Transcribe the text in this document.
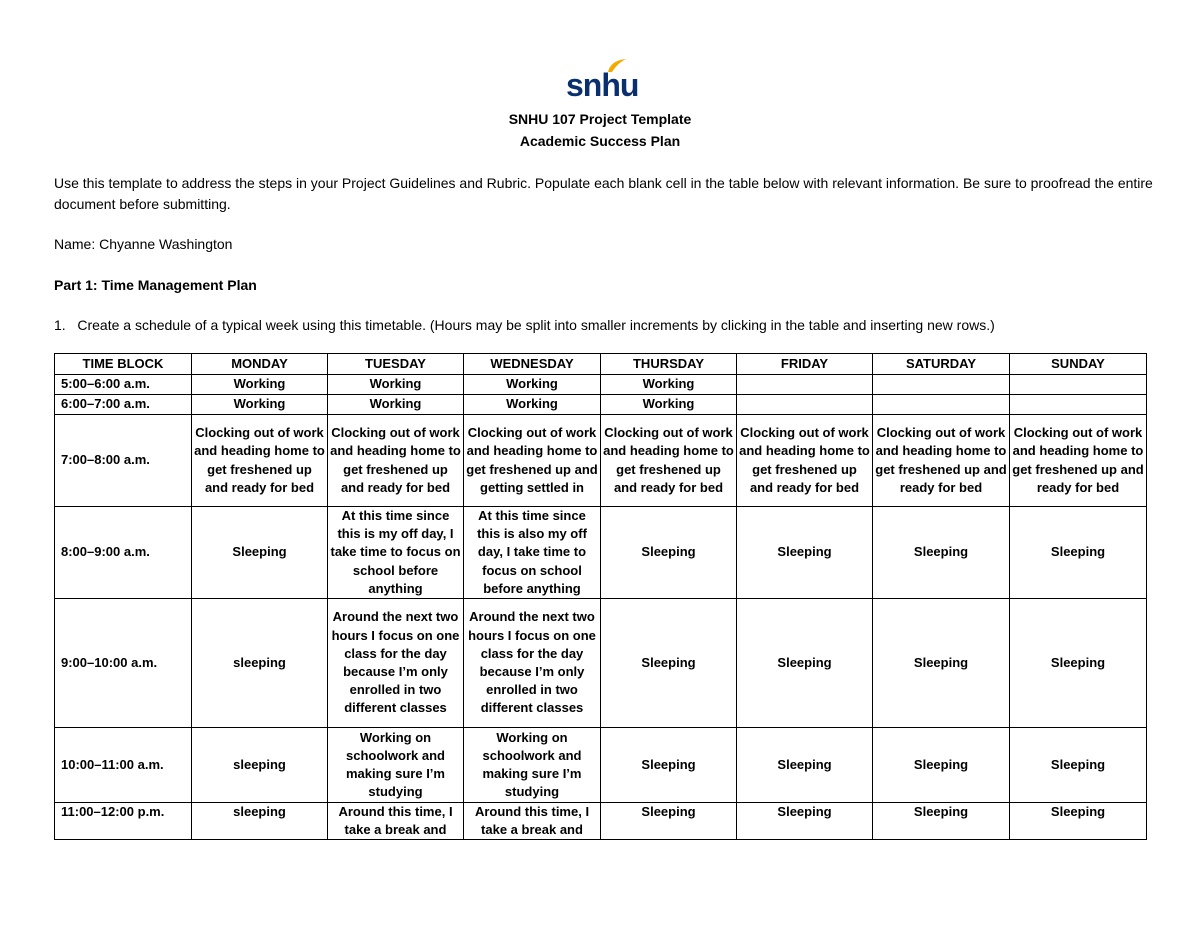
snhu
SNHU 107 Project Template
Academic Success Plan
Use this template to address the steps in your Project Guidelines and Rubric. Populate each blank cell in the table below with relevant information. Be sure to proofread the entire document before submitting.
Name: Chyanne Washington
Part 1: Time Management Plan
1. Create a schedule of a typical week using this timetable. (Hours may be split into smaller increments by clicking in the table and inserting new rows.)
TIME BLOCK	MONDAY	TUESDAY	WEDNESDAY	THURSDAY	FRIDAY	SATURDAY	SUNDAY
5:00–6:00 a.m.	Working	Working	Working	Working			
6:00–7:00 a.m.	Working	Working	Working	Working			
7:00–8:00 a.m.	Clocking out of work and heading home to get freshened up and ready for bed	Clocking out of work and heading home to get freshened up and ready for bed	Clocking out of work and heading home to get freshened up and getting settled in	Clocking out of work and heading home to get freshened up and ready for bed	Clocking out of work and heading home to get freshened up and ready for bed	Clocking out of work and heading home to get freshened up and ready for bed	Clocking out of work and heading home to get freshened up and ready for bed
8:00–9:00 a.m.	Sleeping	At this time since this is my off day, I take time to focus on school before anything	At this time since this is also my off day, I take time to focus on school before anything	Sleeping	Sleeping	Sleeping	Sleeping
9:00–10:00 a.m.	sleeping	Around the next two hours I focus on one class for the day because I’m only enrolled in two different classes	Around the next two hours I focus on one class for the day because I’m only enrolled in two different classes	Sleeping	Sleeping	Sleeping	Sleeping
10:00–11:00 a.m.	sleeping	Working on schoolwork and making sure I’m studying	Working on schoolwork and making sure I’m studying	Sleeping	Sleeping	Sleeping	Sleeping
11:00–12:00 p.m.	sleeping	Around this time, I take a break and	Around this time, I take a break and	Sleeping	Sleeping	Sleeping	Sleeping
